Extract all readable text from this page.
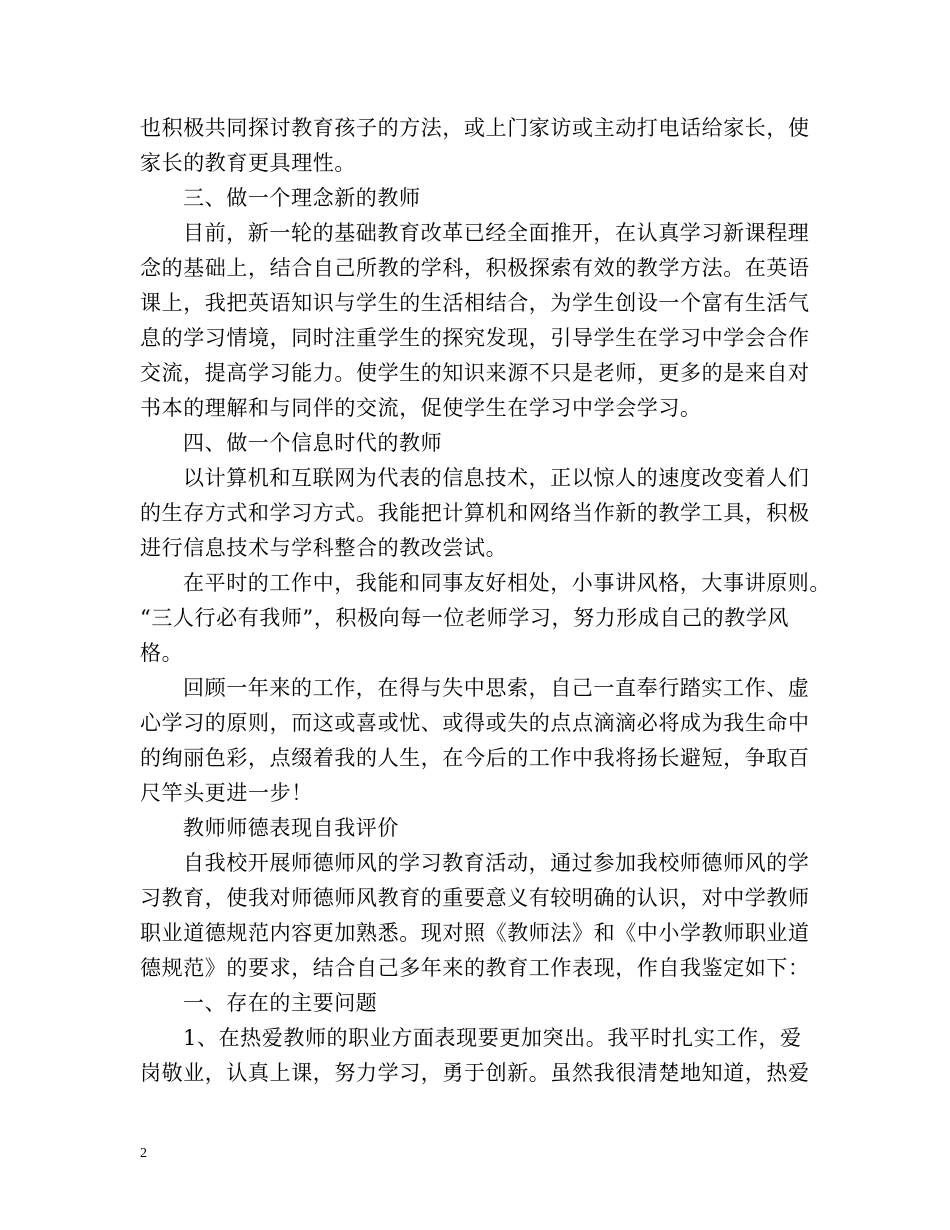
也积极共同探讨教育孩子的方法，或上门家访或主动打电话给家长，使
家长的教育更具理性。
三、做一个理念新的教师
目前，新一轮的基础教育改革已经全面推开，在认真学习新课程理
念的基础上，结合自己所教的学科，积极探索有效的教学方法。在英语
课上，我把英语知识与学生的生活相结合，为学生创设一个富有生活气
息的学习情境，同时注重学生的探究发现，引导学生在学习中学会合作
交流，提高学习能力。使学生的知识来源不只是老师，更多的是来自对
书本的理解和与同伴的交流，促使学生在学习中学会学习。
四、做一个信息时代的教师
以计算机和互联网为代表的信息技术，正以惊人的速度改变着人们
的生存方式和学习方式。我能把计算机和网络当作新的教学工具，积极
进行信息技术与学科整合的教改尝试。
在平时的工作中，我能和同事友好相处，小事讲风格，大事讲原则。
“三人行必有我师”，积极向每一位老师学习，努力形成自己的教学风
格。
回顾一年来的工作，在得与失中思索，自己一直奉行踏实工作、虚
心学习的原则，而这或喜或忧、或得或失的点点滴滴必将成为我生命中
的绚丽色彩，点缀着我的人生，在今后的工作中我将扬长避短，争取百
尺竿头更进一步！
教师师德表现自我评价
自我校开展师德师风的学习教育活动，通过参加我校师德师风的学
习教育，使我对师德师风教育的重要意义有较明确的认识，对中学教师
职业道德规范内容更加熟悉。现对照《教师法》和《中小学教师职业道
德规范》的要求，结合自己多年来的教育工作表现，作自我鉴定如下：
一、存在的主要问题
1、在热爱教师的职业方面表现要更加突出。我平时扎实工作，爱
岗敬业，认真上课，努力学习，勇于创新。虽然我很清楚地知道，热爱
2
